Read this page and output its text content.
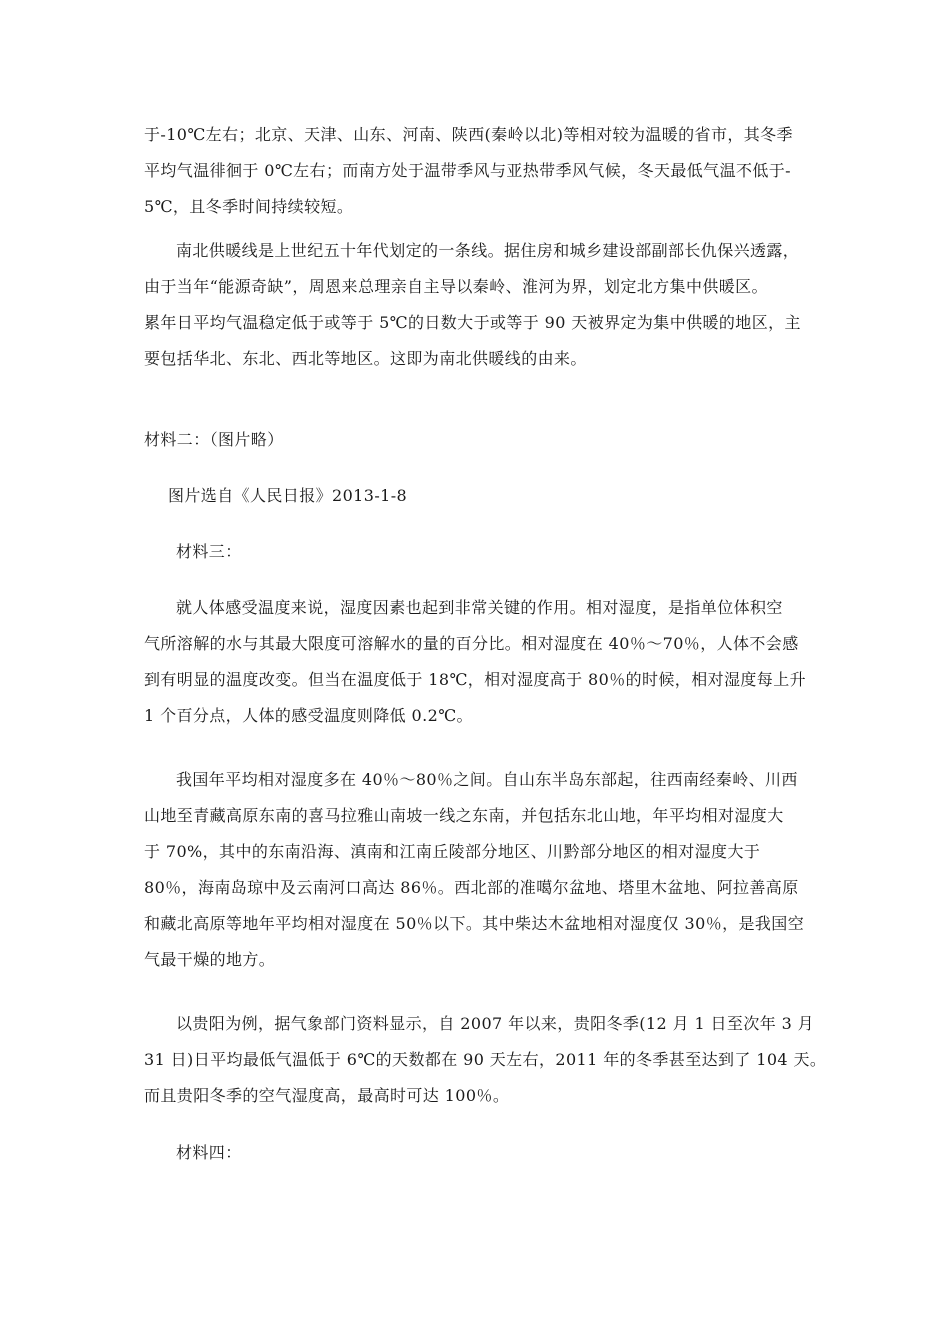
于-10℃左右；北京、天津、山东、河南、陕西(秦岭以北)等相对较为温暖的省市，其冬季
平均气温徘徊于 0℃左右；而南方处于温带季风与亚热带季风气候，冬天最低气温不低于-
5℃，且冬季时间持续较短。
南北供暖线是上世纪五十年代划定的一条线。据住房和城乡建设部副部长仇保兴透露，
由于当年“能源奇缺”，周恩来总理亲自主导以秦岭、淮河为界，划定北方集中供暖区。
累年日平均气温稳定低于或等于 5℃的日数大于或等于 90 天被界定为集中供暖的地区，主
要包括华北、东北、西北等地区。这即为南北供暖线的由来。
材料二：（图片略）
图片选自《人民日报》2013-1-8
材料三：
就人体感受温度来说，湿度因素也起到非常关键的作用。相对湿度，是指单位体积空
气所溶解的水与其最大限度可溶解水的量的百分比。相对湿度在 40％～70％，人体不会感
到有明显的温度改变。但当在温度低于 18℃，相对湿度高于 80％的时候，相对湿度每上升
1 个百分点，人体的感受温度则降低 0.2℃。
我国年平均相对湿度多在 40％～80％之间。自山东半岛东部起，往西南经秦岭、川西
山地至青藏高原东南的喜马拉雅山南坡一线之东南，并包括东北山地，年平均相对湿度大
于 70%，其中的东南沿海、滇南和江南丘陵部分地区、川黔部分地区的相对湿度大于
80％，海南岛琼中及云南河口高达 86％。西北部的准噶尔盆地、塔里木盆地、阿拉善高原
和藏北高原等地年平均相对湿度在 50％以下。其中柴达木盆地相对湿度仅 30％，是我国空
气最干燥的地方。
以贵阳为例，据气象部门资料显示，自 2007 年以来，贵阳冬季(12 月 1 日至次年 3 月
31 日)日平均最低气温低于 6℃的天数都在 90 天左右，2011 年的冬季甚至达到了 104 天。
而且贵阳冬季的空气湿度高，最高时可达 100％。
材料四：
